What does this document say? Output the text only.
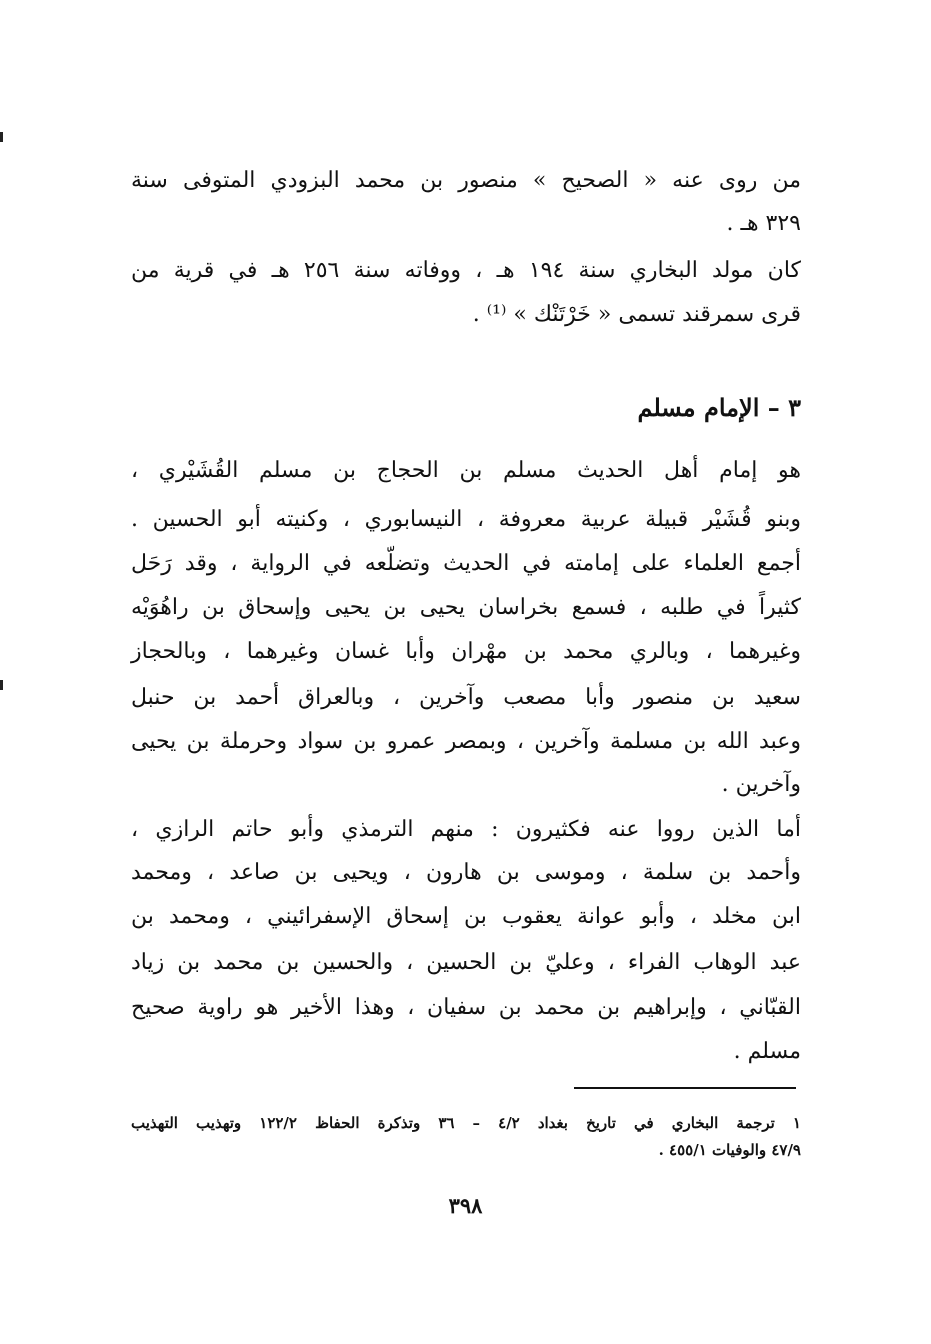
من روى عنه « الصحيح » منصور بن محمد البزودي المتوفى سنة
٣٢٩ هـ .
كان مولد البخاري سنة ١٩٤ هـ ، ووفاته سنة ٢٥٦ هـ في قرية من
قرى سمرقند تسمى « خَرْتَنْك » ⁽¹⁾ .
٣ – الإمام مسلم
هو إمام أهل الحديث مسلم بن الحجاج بن مسلم القُشَيْري ،
وبنو قُشَيْر قبيلة عربية معروفة ، النيسابوري ، وكنيته أبو الحسين .
أجمع العلماء على إمامته في الحديث وتضلّعه في الرواية ، وقد رَحَل
كثيراً في طلبه ، فسمع بخراسان يحيى بن يحيى وإسحاق بن راهُوَيْه
وغيرهما ، وبالري محمد بن مهْران وأبا غسان وغيرهما ، وبالحجاز
سعيد بن منصور وأبا مصعب وآخرين ، وبالعراق أحمد بن حنبل
وعبد الله بن مسلمة وآخرين ، وبمصر عمرو بن سواد وحرملة بن يحيى
وآخرين .
أما الذين رووا عنه فكثيرون : منهم الترمذي وأبو حاتم الرازي ،
وأحمد بن سلمة ، وموسى بن هارون ، ويحيى بن صاعد ، ومحمد
ابن مخلد ، وأبو عوانة يعقوب بن إسحاق الإسفرائيني ، ومحمد بن
عبد الوهاب الفراء ، وعليّ بن الحسين ، والحسين بن محمد بن زياد
القبّاني ، وإبراهيم بن محمد بن سفيان ، وهذا الأخير هو راوية صحيح
مسلم .
١ ترجمة البخاري في تاريخ بغداد ٤/٢ – ٣٦ وتذكرة الحفاظ ١٢٢/٢ وتهذيب التهذيب
٤٧/٩ والوفيات ٤٥٥/١ .
٣٩٨
